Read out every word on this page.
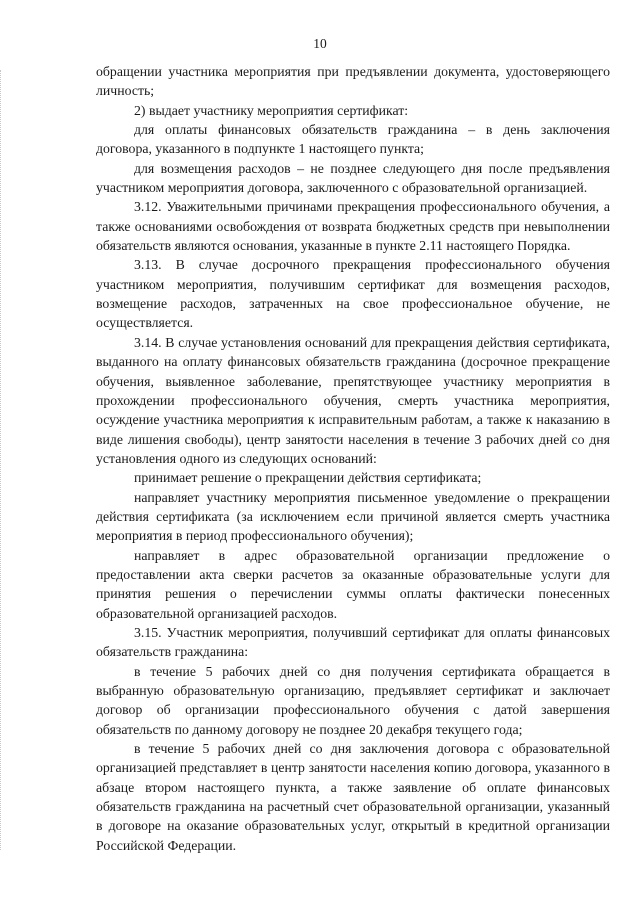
10

обращении участника мероприятия при предъявлении документа, удостоверяющего личность;

2) выдает участнику мероприятия сертификат:

для оплаты финансовых обязательств гражданина – в день заключения договора, указанного в подпункте 1 настоящего пункта;

для возмещения расходов – не позднее следующего дня после предъявления участником мероприятия договора, заключенного с образовательной организацией.

3.12. Уважительными причинами прекращения профессионального обучения, а также основаниями освобождения от возврата бюджетных средств при невыполнении обязательств являются основания, указанные в пункте 2.11 настоящего Порядка.

3.13. В случае досрочного прекращения профессионального обучения участником мероприятия, получившим сертификат для возмещения расходов, возмещение расходов, затраченных на свое профессиональное обучение, не осуществляется.

3.14. В случае установления оснований для прекращения действия сертификата, выданного на оплату финансовых обязательств гражданина (досрочное прекращение обучения, выявленное заболевание, препятствующее участнику мероприятия в прохождении профессионального обучения, смерть участника мероприятия, осуждение участника мероприятия к исправительным работам, а также к наказанию в виде лишения свободы), центр занятости населения в течение 3 рабочих дней со дня установления одного из следующих оснований:

принимает решение о прекращении действия сертификата;

направляет участнику мероприятия письменное уведомление о прекращении действия сертификата (за исключением если причиной является смерть участника мероприятия в период профессионального обучения);

направляет в адрес образовательной организации предложение о предоставлении акта сверки расчетов за оказанные образовательные услуги для принятия решения о перечислении суммы оплаты фактически понесенных образовательной организацией расходов.

3.15. Участник мероприятия, получивший сертификат для оплаты финансовых обязательств гражданина:

в течение 5 рабочих дней со дня получения сертификата обращается в выбранную образовательную организацию, предъявляет сертификат и заключает договор об организации профессионального обучения с датой завершения обязательств по данному договору не позднее 20 декабря текущего года;

в течение 5 рабочих дней со дня заключения договора с образовательной организацией представляет в центр занятости населения копию договора, указанного в абзаце втором настоящего пункта, а также заявление об оплате финансовых обязательств гражданина на расчетный счет образовательной организации, указанный в договоре на оказание образовательных услуг, открытый в кредитной организации Российской Федерации.
